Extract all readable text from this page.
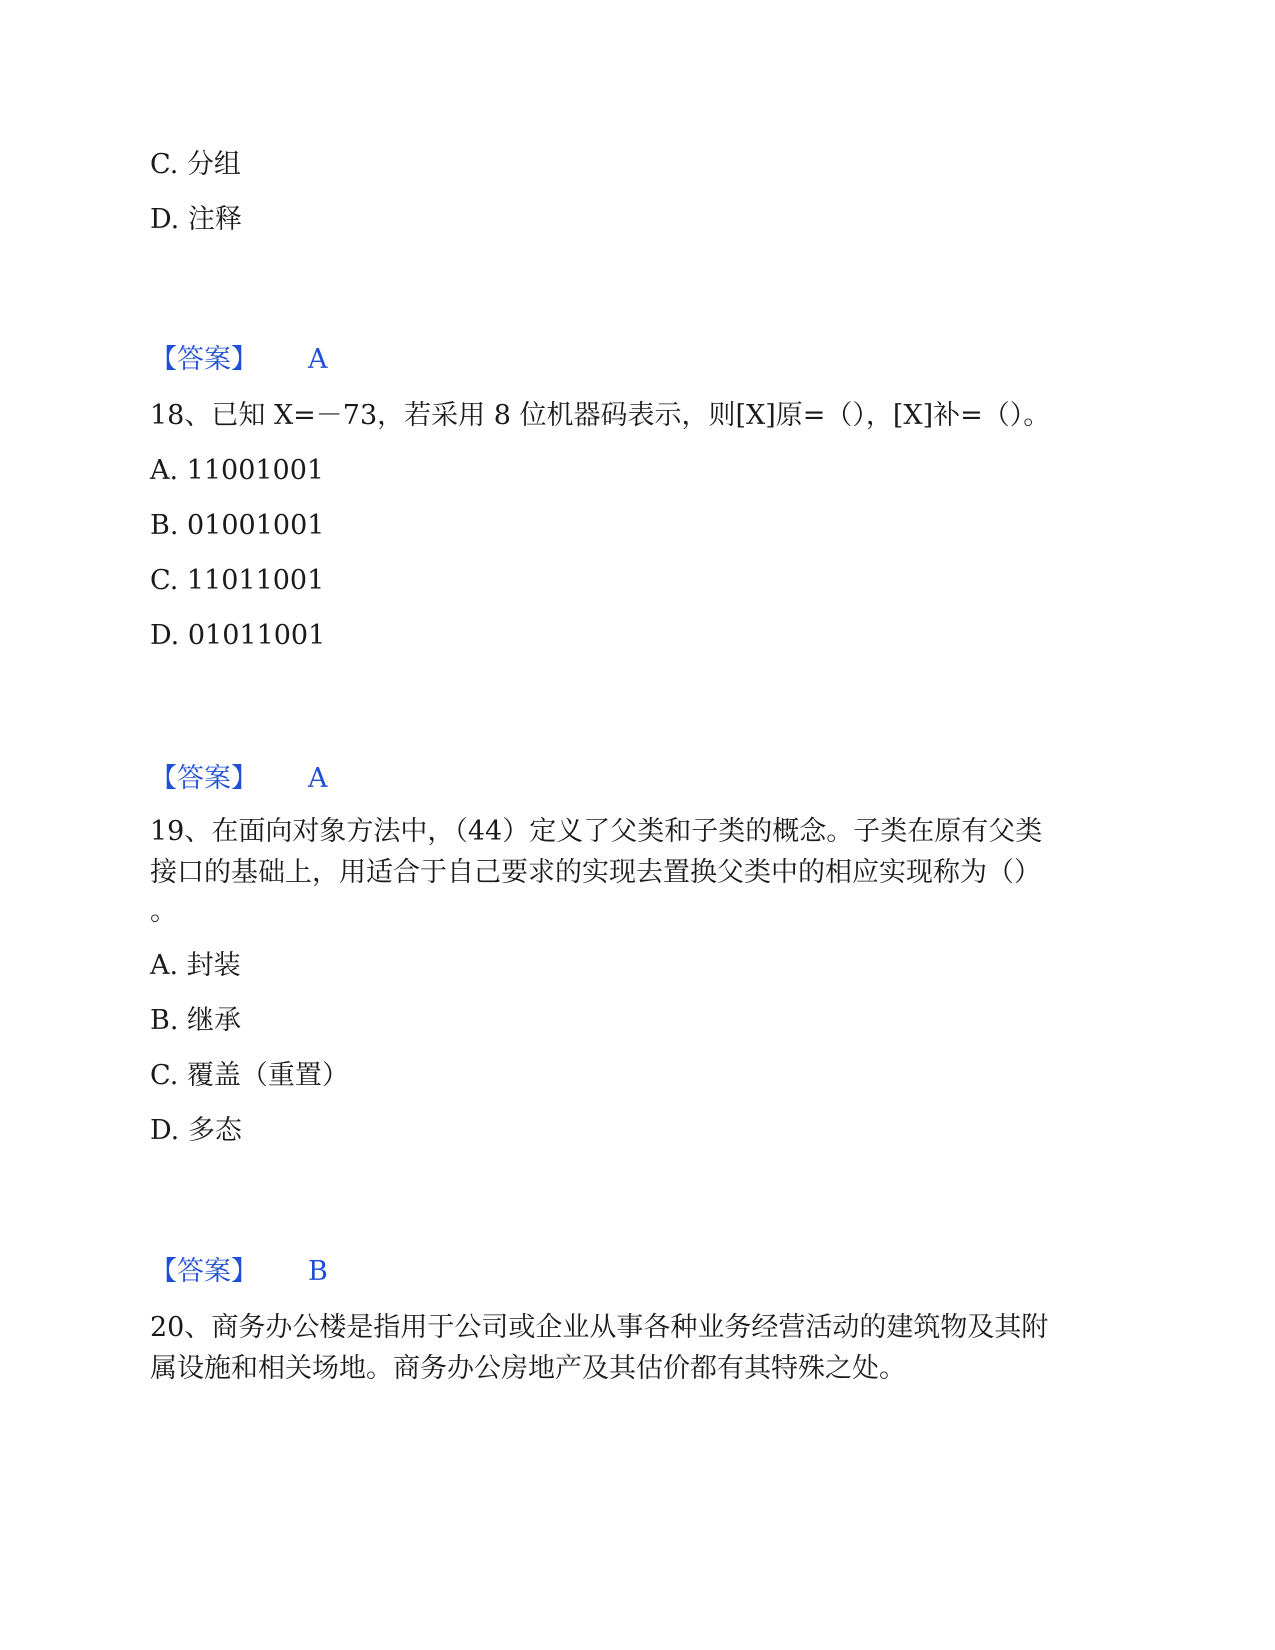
C. 分组
D. 注释
【答案】 A
18、已知 X=－73，若采用 8 位机器码表示，则[X]原=（），[X]补=（）。
A. 11001001
B. 01001001
C. 11011001
D. 01011001
【答案】 A
19、在面向对象方法中，（44）定义了父类和子类的概念。子类在原有父类
接口的基础上，用适合于自己要求的实现去置换父类中的相应实现称为（）
。
A. 封装
B. 继承
C. 覆盖（重置）
D. 多态
【答案】 B
20、商务办公楼是指用于公司或企业从事各种业务经营活动的建筑物及其附
属设施和相关场地。商务办公房地产及其估价都有其特殊之处。
